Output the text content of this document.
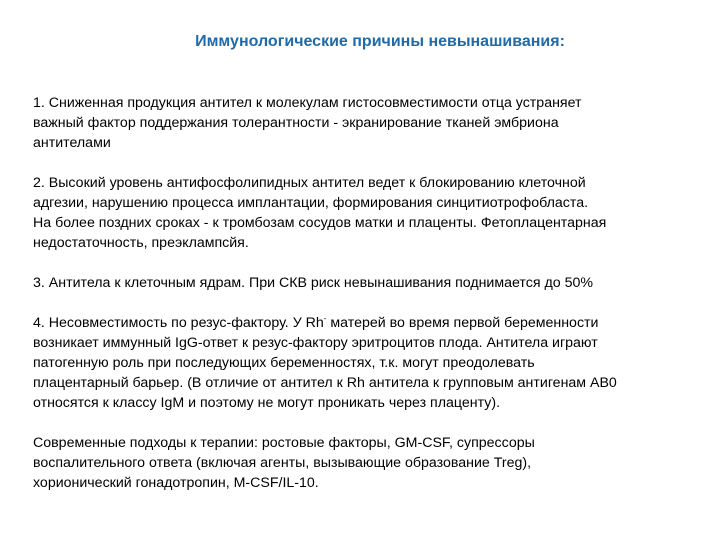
Иммунологические причины невынашивания:
1. Сниженная продукция антител к молекулам гистосовместимости отца устраняет
важный фактор поддержания толерантности - экранирование тканей эмбриона
антителами
2. Высокий уровень антифосфолипидных антител ведет к блокированию клеточной
адгезии, нарушению процесса имплантации, формирования синцитиотрофобласта.
На более поздних сроках - к тромбозам сосудов матки и плаценты. Фетоплацентарная
недостаточность, преэклампсйя.
3. Антитела к клеточным ядрам. При СКВ риск невынашивания поднимается до 50%
4. Несовместимость по резус-фактору. У Rh- матерей во время первой беременности
возникает иммунный IgG-ответ к резус-фактору эритроцитов плода. Антитела играют
патогенную роль при последующих беременностях, т.к. могут преодолевать
плацентарный барьер. (В отличие от антител к Rh антитела к групповым антигенам АВ0
относятся к классу IgM и поэтому не могут проникать через плаценту).
Современные подходы к терапии: ростовые факторы, GM-CSF, супрессоры
воспалительного ответа (включая агенты, вызывающие образование Treg),
хорионический гонадотропин, M-CSF/IL-10.
